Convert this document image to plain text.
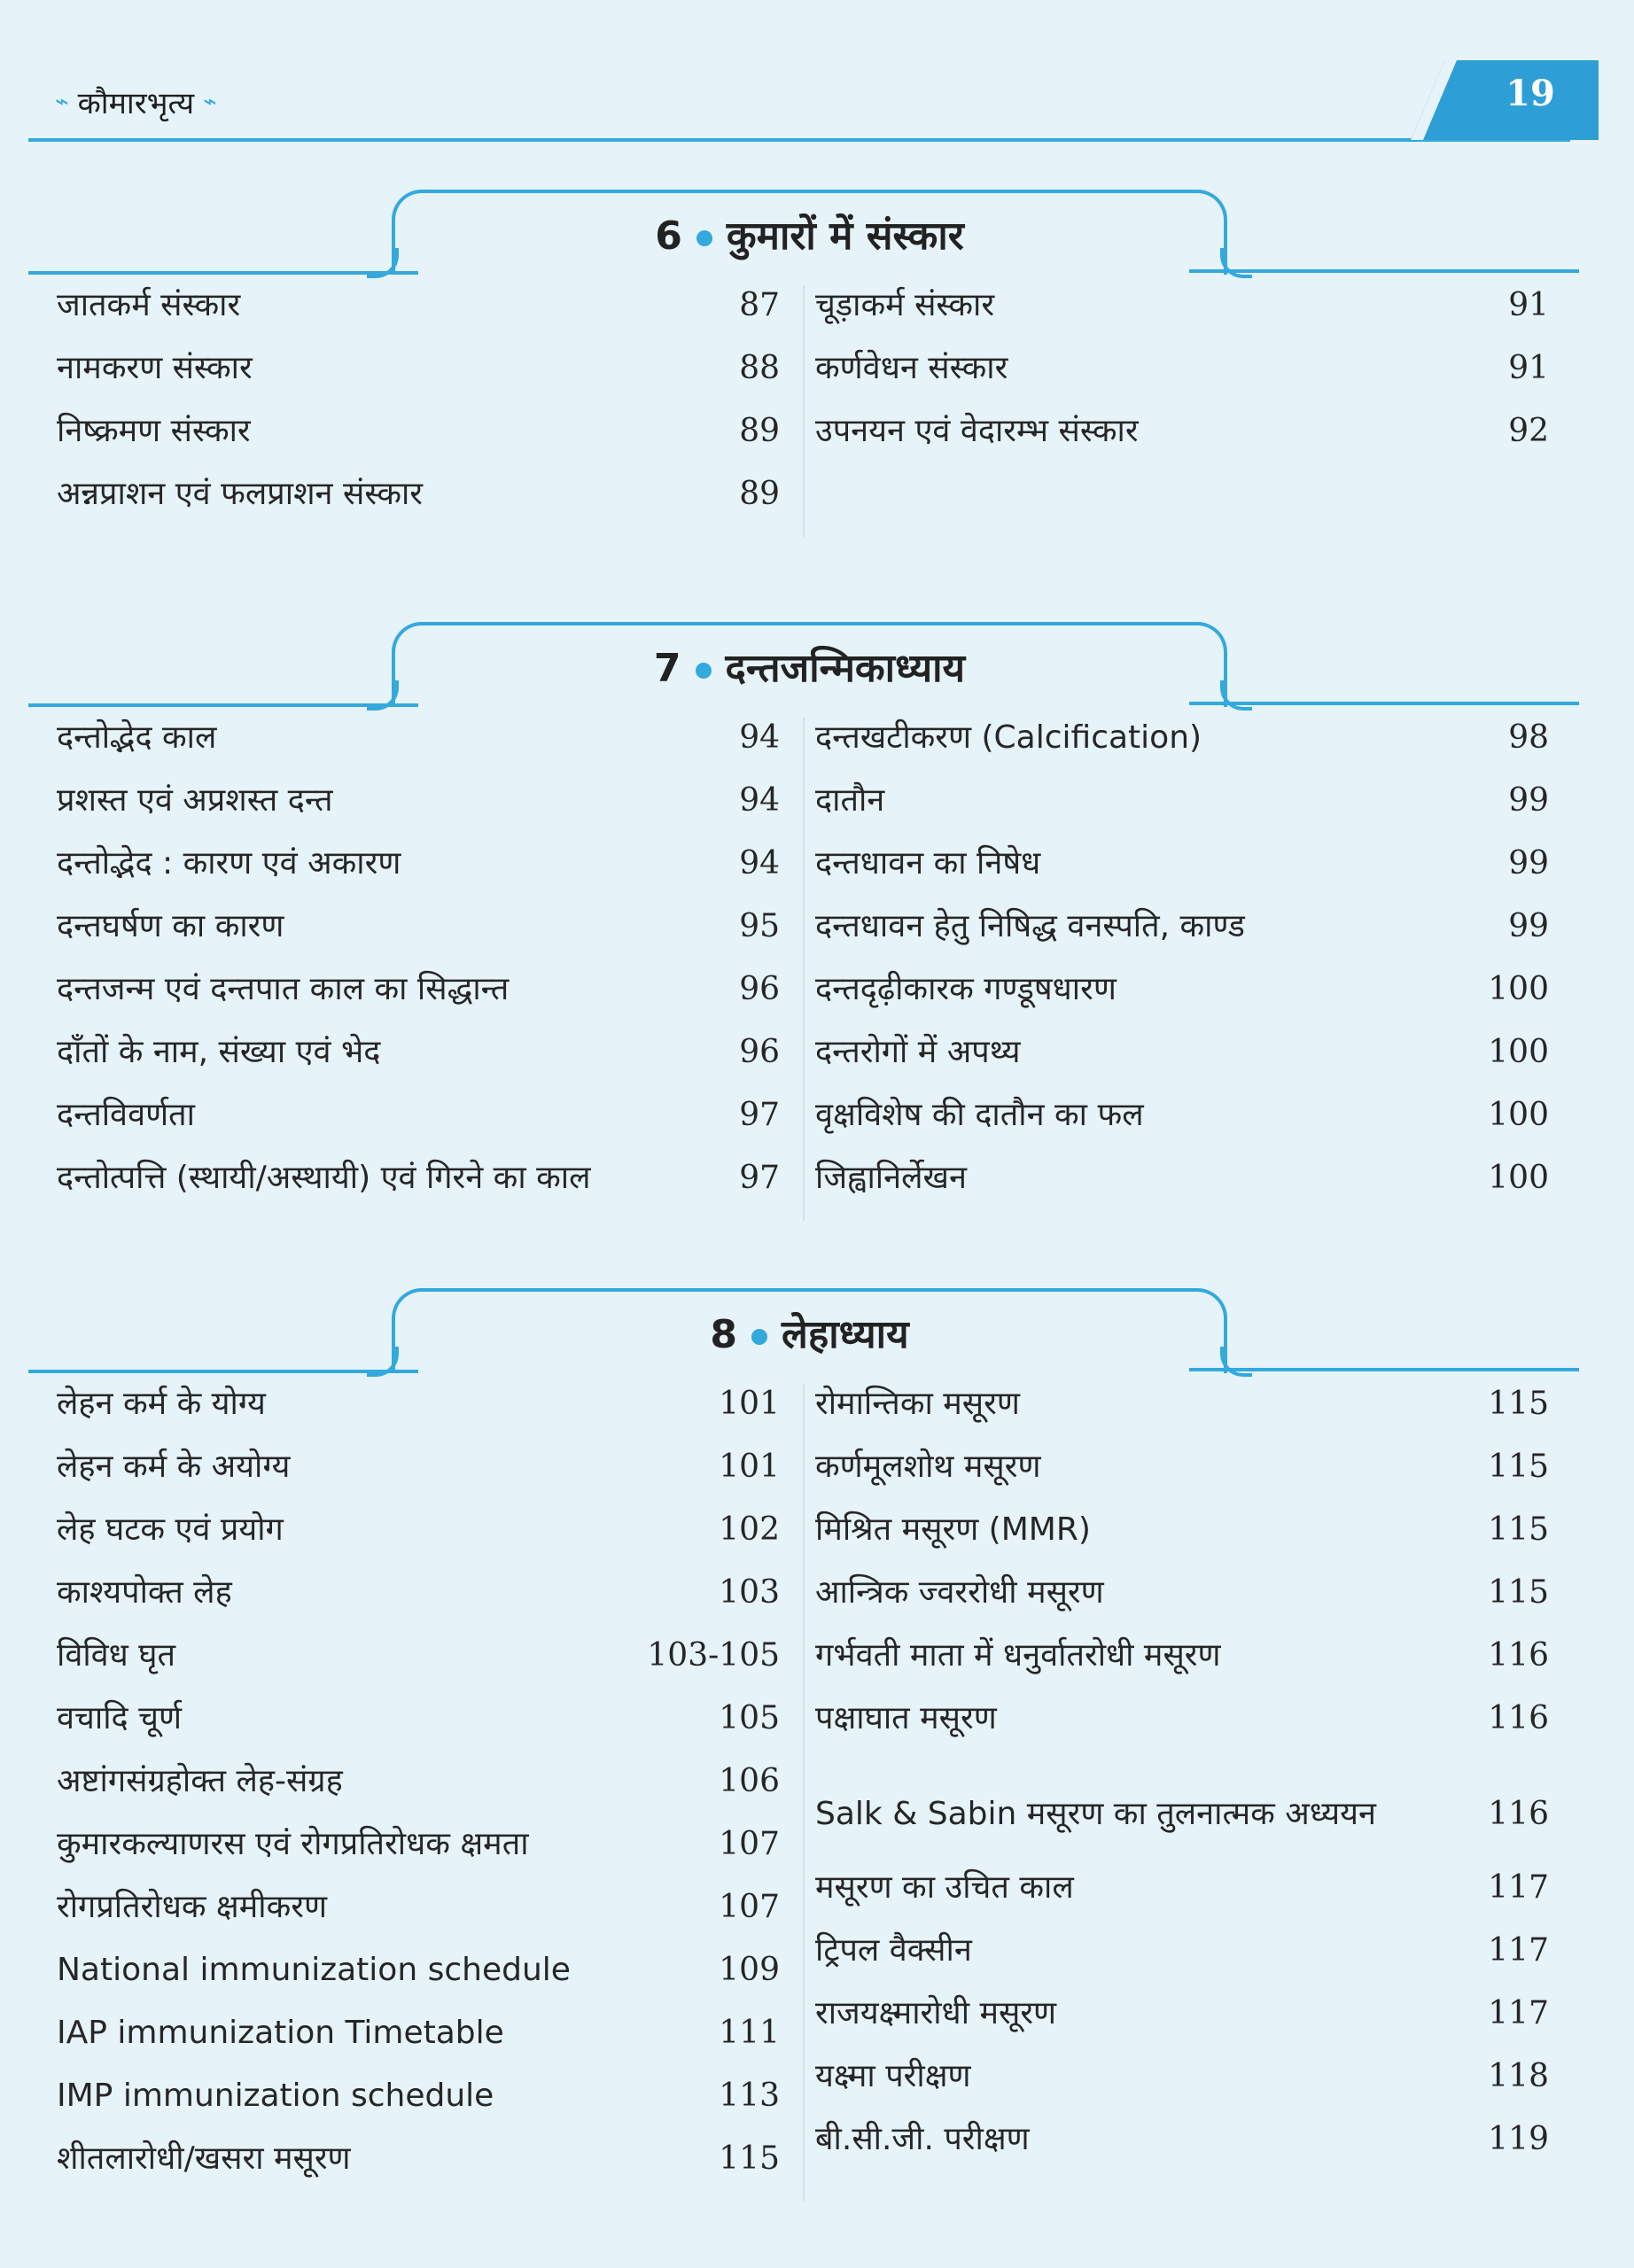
⌁ कौमारभृत्य ⌁	19
6 कुमारों में संस्कार
जातकर्म संस्कार	87
नामकरण संस्कार	88
निष्क्रमण संस्कार	89
अन्नप्राशन एवं फलप्राशन संस्कार	89
चूड़ाकर्म संस्कार	91
कर्णवेधन संस्कार	91
उपनयन एवं वेदारम्भ संस्कार	92
7 दन्तजन्मिकाध्याय
दन्तोद्भेद काल	94
प्रशस्त एवं अप्रशस्त दन्त	94
दन्तोद्भेद : कारण एवं अकारण	94
दन्तघर्षण का कारण	95
दन्तजन्म एवं दन्तपात काल का सिद्धान्त	96
दाँतों के नाम, संख्या एवं भेद	96
दन्तविवर्णता	97
दन्तोत्पत्ति (स्थायी/अस्थायी) एवं गिरने का काल	97
दन्तखटीकरण (Calcification)	98
दातौन	99
दन्तधावन का निषेध	99
दन्तधावन हेतु निषिद्ध वनस्पति, काण्ड	99
दन्तदृढ़ीकारक गण्डूषधारण	100
दन्तरोगों में अपथ्य	100
वृक्षविशेष की दातौन का फल	100
जिह्वानिर्लेखन	100
8 लेहाध्याय
लेहन कर्म के योग्य	101
लेहन कर्म के अयोग्य	101
लेह घटक एवं प्रयोग	102
काश्यपोक्त लेह	103
विविध घृत	103-105
वचादि चूर्ण	105
अष्टांगसंग्रहोक्त लेह-संग्रह	106
कुमारकल्याणरस एवं रोगप्रतिरोधक क्षमता	107
रोगप्रतिरोधक क्षमीकरण	107
National immunization schedule	109
IAP immunization Timetable	111
IMP immunization schedule	113
शीतलारोधी/खसरा मसूरण	115
रोमान्तिका मसूरण	115
कर्णमूलशोथ मसूरण	115
मिश्रित मसूरण (MMR)	115
आन्त्रिक ज्वररोधी मसूरण	115
गर्भवती माता में धनुर्वातरोधी मसूरण	116
पक्षाघात मसूरण	116
Salk & Sabin मसूरण का तुलनात्मक अध्ययन	116
मसूरण का उचित काल	117
ट्रिपल वैक्सीन	117
राजयक्ष्मारोधी मसूरण	117
यक्ष्मा परीक्षण	118
बी.सी.जी. परीक्षण	119
